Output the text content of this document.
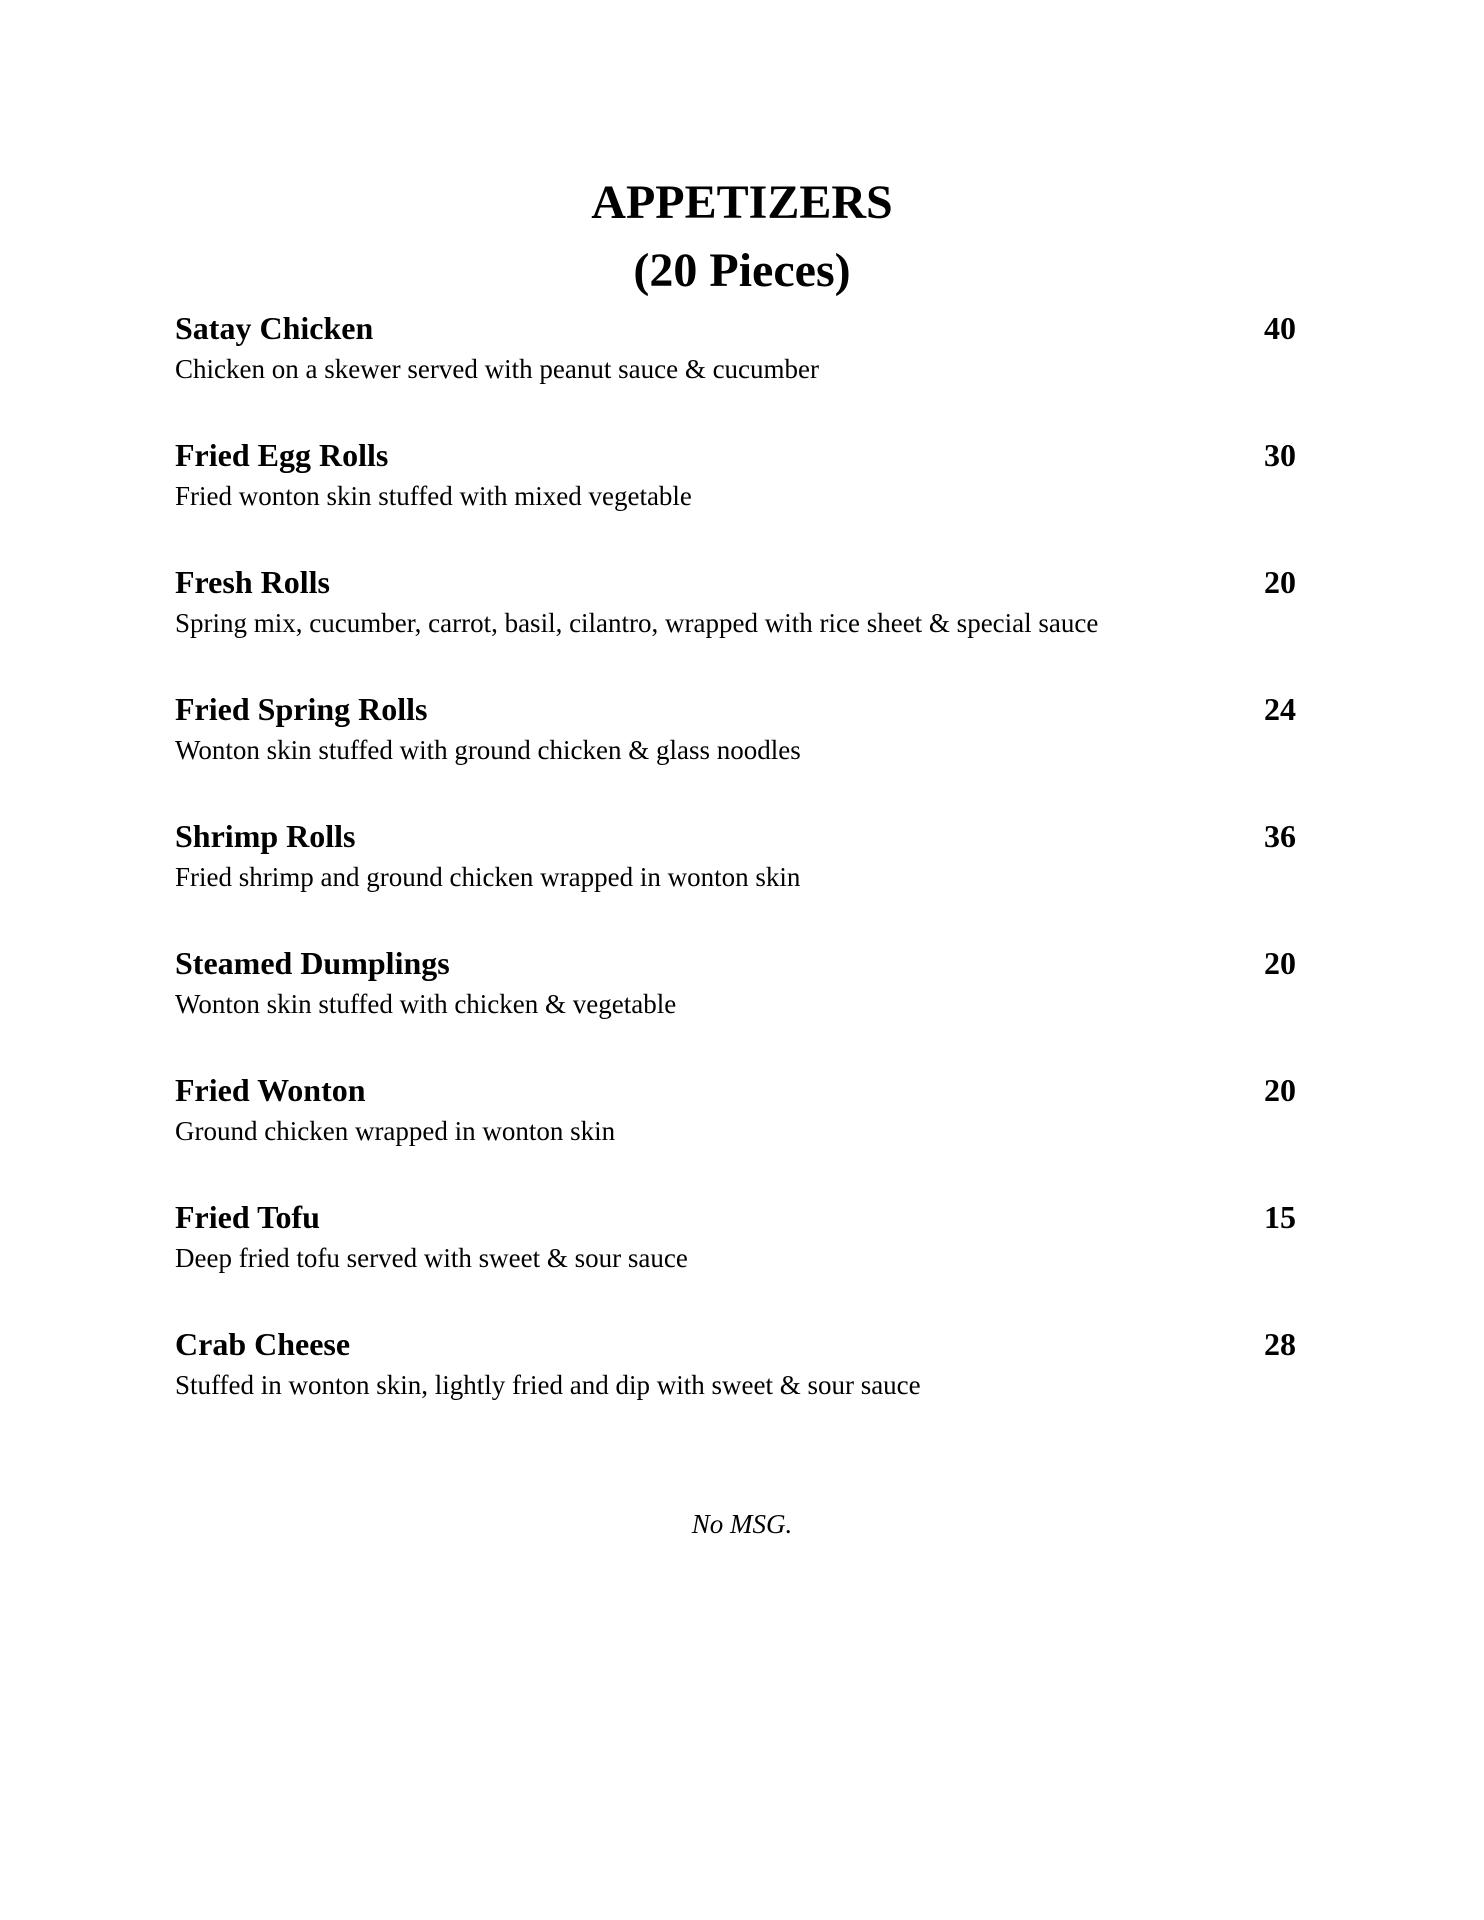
APPETIZERS
(20 Pieces)
Satay Chicken	40
Chicken on a skewer served with peanut sauce & cucumber
Fried Egg Rolls	30
Fried wonton skin stuffed with mixed vegetable
Fresh Rolls	20
Spring mix, cucumber, carrot, basil, cilantro, wrapped with rice sheet & special sauce
Fried Spring Rolls	24
Wonton skin stuffed with ground chicken & glass noodles
Shrimp Rolls	36
Fried shrimp and ground chicken wrapped in wonton skin
Steamed Dumplings	20
Wonton skin stuffed with chicken & vegetable
Fried Wonton	20
Ground chicken wrapped in wonton skin
Fried Tofu	15
Deep fried tofu served with sweet & sour sauce
Crab Cheese	28
Stuffed in wonton skin, lightly fried and dip with sweet & sour sauce

No MSG.
